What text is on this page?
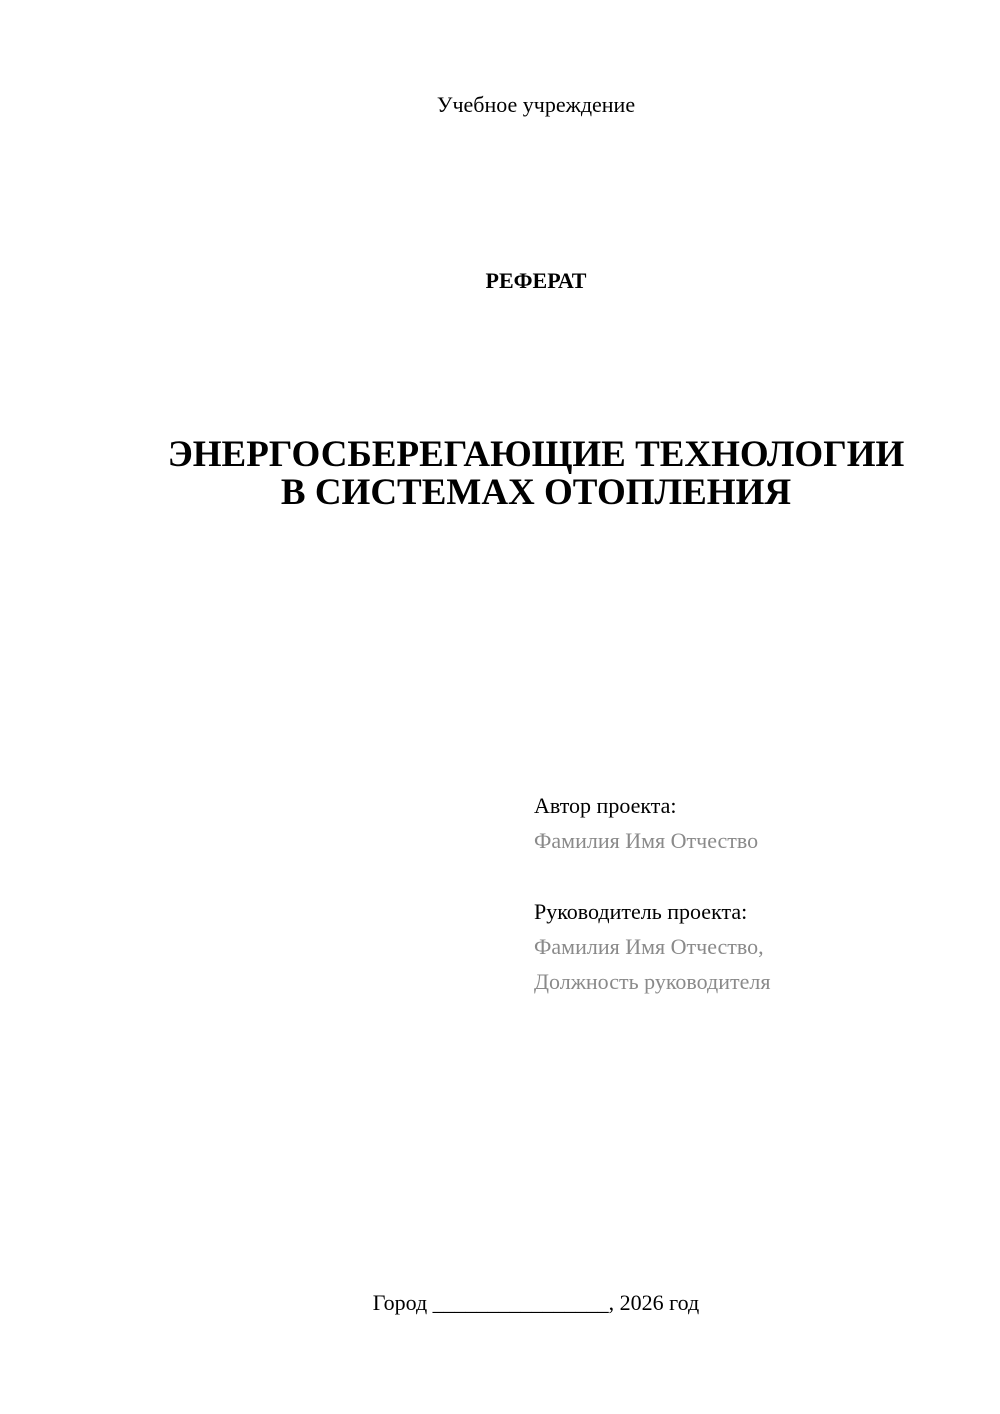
Учебное учреждение
РЕФЕРАТ
ЭНЕРГОСБЕРЕГАЮЩИЕ ТЕХНОЛОГИИ
В СИСТЕМАХ ОТОПЛЕНИЯ
Автор проекта:
Фамилия Имя Отчество
Руководитель проекта:
Фамилия Имя Отчество,
Должность руководителя
Город ________________, 2026 год
